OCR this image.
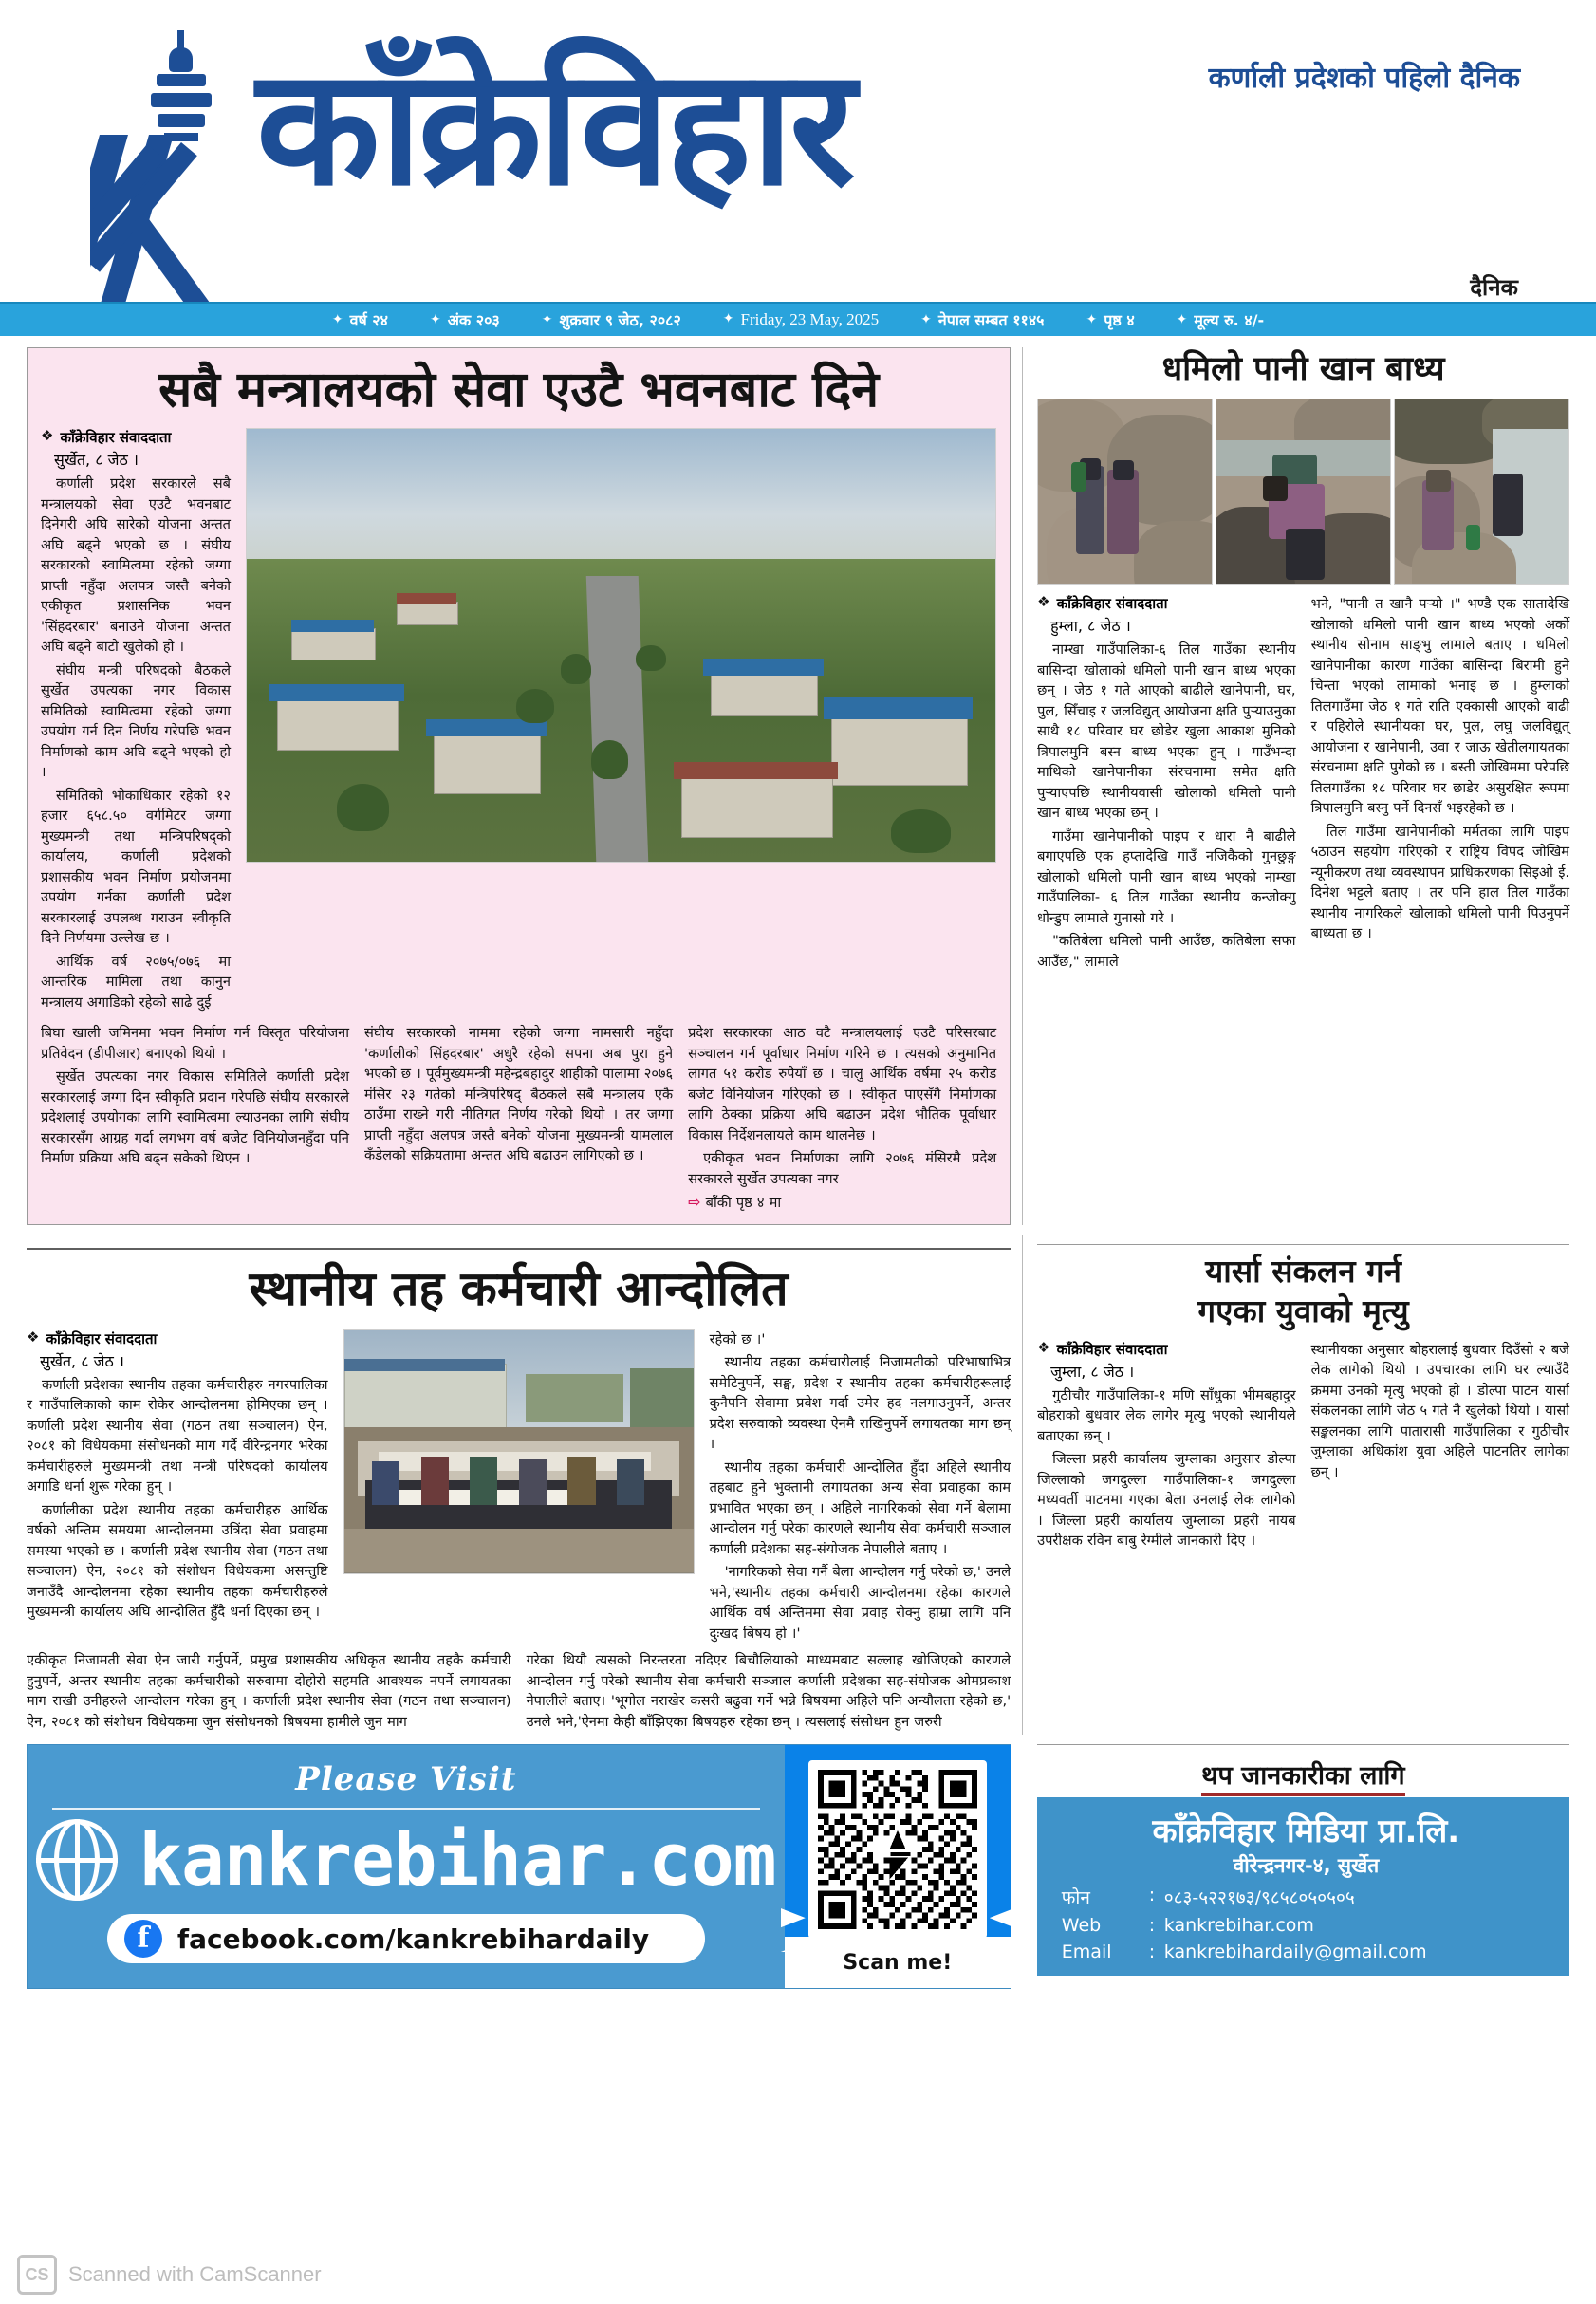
काँक्रेविहार	कर्णाली प्रदेशको पहिलो दैनिक
दैनिक
✦ वर्ष २४	✦ अंक २०३	✦ शुक्रवार ९ जेठ, २०८२	✦ Friday, 23 May, 2025	✦ नेपाल सम्बत ११४५	✦ पृष्ठ ४	✦ मूल्य रु. ४/-
सबै मन्त्रालयको सेवा एउटै भवनबाट दिने
❖ काँक्रेविहार संवाददाता
सुर्खेत, ८ जेठ ।

कर्णाली प्रदेश सरकारले सबै मन्त्रालयको सेवा एउटै भवनबाट दिनेगरी अघि सारेको योजना अन्तत अघि बढ्ने भएको छ । संघीय सरकारको स्वामित्वमा रहेको जग्गा प्राप्ती नहुँदा अलपत्र जस्तै बनेको एकीकृत प्रशासनिक भवन 'सिंहदरबार' बनाउने योजना अन्तत अघि बढ्ने बाटो खुलेको हो ।

संघीय मन्त्री परिषदको बैठकले सुर्खेत उपत्यका नगर विकास समितिको स्वामित्वमा रहेको जग्गा उपयोग गर्न दिन निर्णय गरेपछि भवन निर्माणको काम अघि बढ्ने भएको हो ।

समितिको भोकाधिकार रहेको १२ हजार ६५८.५० वर्गमिटर जग्गा मुख्यमन्त्री तथा मन्त्रिपरिषद्को कार्यालय, कर्णाली प्रदेशको प्रशासकीय भवन निर्माण प्रयोजनमा उपयोग गर्नका कर्णाली प्रदेश सरकारलाई उपलब्ध गराउन स्वीकृति दिने निर्णयमा उल्लेख छ ।

आर्थिक वर्ष २०७५/०७६ मा आन्तरिक मामिला तथा कानुन मन्त्रालय अगाडिको रहेको साढे दुई

बिघा खाली जमिनमा भवन निर्माण गर्न विस्तृत परियोजना प्रतिवेदन (डीपीआर) बनाएको थियो ।

सुर्खेत उपत्यका नगर विकास समितिले कर्णाली प्रदेश सरकारलाई जग्गा दिन स्वीकृति प्रदान गरेपछि संघीय सरकारले प्रदेशलाई उपयोगका लागि स्वामित्वमा ल्याउनका लागि संघीय सरकारसँग आग्रह गर्दा लगभग वर्ष बजेट विनियोजनहुँदा पनि निर्माण प्रक्रिया अघि बढ्न सकेको थिएन ।

संघीय सरकारको नाममा रहेको जग्गा नामसारी नहुँदा 'कर्णालीको सिंहदरबार' अधुरै रहेको सपना अब पुरा हुने भएको छ । पूर्वमुख्यमन्त्री महेन्द्रबहादुर शाहीको पालामा २०७६ मंसिर २३ गतेको मन्त्रिपरिषद् बैठकले सबै मन्त्रालय एकै ठाउँमा राख्ने गरी नीतिगत निर्णय गरेको थियो । तर जग्गा प्राप्ती नहुँदा अलपत्र जस्तै बनेको योजना मुख्यमन्त्री यामलाल कँडेलको सक्रियतामा अन्तत अघि बढाउन लागिएको छ ।

प्रदेश सरकारका आठ वटै मन्त्रालयलाई एउटै परिसरबाट सञ्चालन गर्न पूर्वाधार निर्माण गरिने छ । त्यसको अनुमानित लागत ५१ करोड रुपैयाँ छ । चालु आर्थिक वर्षमा २५ करोड बजेट विनियोजन गरिएको छ । स्वीकृत पाएसँगै निर्माणका लागि ठेक्का प्रक्रिया अघि बढाउन प्रदेश भौतिक पूर्वाधार विकास निर्देशनलायले काम थालनेछ ।

एकीकृत भवन निर्माणका लागि २०७६ मंसिरमै प्रदेश सरकारले सुर्खेत उपत्यका नगर

⇨ बाँकी पृष्ठ ४ मा

धमिलो पानी खान बाध्य
❖ काँक्रेविहार संवाददाता
हुम्ला, ८ जेठ ।

नाम्खा गाउँपालिका-६ तिल गाउँका स्थानीय बासिन्दा खोलाको धमिलो पानी खान बाध्य भएका छन् । जेठ १ गते आएको बाढीले खानेपानी, घर, पुल, सिँचाइ र जलविद्युत् आयोजना क्षति पुऱ्याउनुका साथै १८ परिवार घर छोडेर खुला आकाश मुनिको त्रिपालमुनि बस्न बाध्य भएका हुन् । गाउँभन्दा माथिको खानेपानीका संरचनामा समेत क्षति पुऱ्याएपछि स्थानीयवासी खोलाको धमिलो पानी खान बाध्य भएका छन् ।

गाउँमा खानेपानीको पाइप र धारा नै बाढीले बगाएपछि एक हप्तादेखि गाउँ नजिकैको गुनछुङ्ग खोलाको धमिलो पानी खान बाध्य भएको नाम्खा गाउँपालिका- ६ तिल गाउँका स्थानीय कन्जोक्गु धोन्डुप लामाले गुनासो गरे ।

"कतिबेला धमिलो पानी आउँछ, कतिबेला सफा आउँछ," लामाले

भने, "पानी त खानै पऱ्यो ।" भण्डै एक सातादेखि खोलाको धमिलो पानी खान बाध्य भएको अर्को स्थानीय सोनाम साङ्भु लामाले बताए । धमिलो खानेपानीका कारण गाउँका बासिन्दा बिरामी हुने चिन्ता भएको लामाको भनाइ छ । हुम्लाको तिलगाउँमा जेठ १ गते राति एक्कासी आएको बाढी र पहिरोले स्थानीयका घर, पुल, लघु जलविद्युत् आयोजना र खानेपानी, उवा र जाऊ खेतीलगायतका संरचनामा क्षति पुगेको छ । बस्ती जोखिममा परेपछि तिलगाउँका १८ परिवार घर छाडेर असुरक्षित रूपमा त्रिपालमुनि बस्नु पर्ने दिनसँ भइरहेको छ ।

तिल गाउँमा खानेपानीको मर्मतका लागि पाइप ५ठाउन सहयोग गरिएको र राष्ट्रिय विपद जोखिम न्यूनीकरण तथा व्यवस्थापन प्राधिकरणका सिइओ ई. दिनेश भट्टले बताए । तर पनि हाल तिल गाउँका स्थानीय नागरिकले खोलाको धमिलो पानी पिउनुपर्ने बाध्यता छ ।

स्थानीय तह कर्मचारी आन्दोलित
❖ काँक्रेविहार संवाददाता
सुर्खेत, ८ जेठ ।

कर्णाली प्रदेशका स्थानीय तहका कर्मचारीहरु नगरपालिका र गाउँपालिकाको काम रोकेर आन्दोलनमा होमिएका छन् । कर्णाली प्रदेश स्थानीय सेवा (गठन तथा सञ्चालन) ऐन, २०८१ को विधेयकमा संसोधनको माग गर्दै वीरेन्द्रनगर भरेका कर्मचारीहरुले मुख्यमन्त्री तथा मन्त्री परिषदको कार्यालय अगाडि धर्ना शुरू गरेका हुन् ।

कर्णालीका प्रदेश स्थानीय तहका कर्मचारीहरु आर्थिक वर्षको अन्तिम समयमा आन्दोलनमा उत्रिंदा सेवा प्रवाहमा समस्या भएको छ । कर्णाली प्रदेश स्थानीय सेवा (गठन तथा सञ्चालन) ऐन, २०८१ को संशोधन विधेयकमा असन्तुष्टि जनाउँदै आन्दोलनमा रहेका स्थानीय तहका कर्मचारीहरुले मुख्यमन्त्री कार्यालय अघि आन्दोलित हुँदै धर्ना दिएका छन् ।

रहेको छ ।'

स्थानीय तहका कर्मचारीलाई निजामतीको परिभाषाभित्र समेटिनुपर्ने, सङ्घ, प्रदेश र स्थानीय तहका कर्मचारीहरूलाई कुनैपनि सेवामा प्रवेश गर्दा उमेर हद नलगाउनुपर्ने, अन्तर प्रदेश सरुवाको व्यवस्था ऐनमै राखिनुपर्ने लगायतका माग छन् ।

स्थानीय तहका कर्मचारी आन्दोलित हुँदा अहिले स्थानीय तहबाट हुने भुक्तानी लगायतका अन्य सेवा प्रवाहका काम प्रभावित भएका छन् । अहिले नागरिकको सेवा गर्ने बेलामा आन्दोलन गर्नु परेका कारणले स्थानीय सेवा कर्मचारी सञ्जाल कर्णाली प्रदेशका सह-संयोजक नेपालीले बताए ।

'नागरिकको सेवा गर्नै बेला आन्दोलन गर्नु परेको छ,' उनले भने,'स्थानीय तहका कर्मचारी आन्दोलनमा रहेका कारणले आर्थिक वर्ष अन्तिममा सेवा प्रवाह रोक्नु हाम्रा लागि पनि दुःखद बिषय हो ।'

एकीकृत निजामती सेवा ऐन जारी गर्नुपर्ने, प्रमुख प्रशासकीय अधिकृत स्थानीय तहकै कर्मचारी हुनुपर्ने, अन्तर स्थानीय तहका कर्मचारीको सरुवामा दोहोरो सहमति आवश्यक नपर्ने लगायतका माग राखी उनीहरुले आन्दोलन गरेका हुन् । कर्णाली प्रदेश स्थानीय सेवा (गठन तथा सञ्चालन) ऐन, २०८१ को संशोधन विधेयकमा जुन संसोधनको बिषयमा हामीले जुन माग

गरेका थियौ त्यसको निरन्तरता नदिएर बिचौलियाको माध्यमबाट सल्लाह खोजिएको कारणले आन्दोलन गर्नु परेको स्थानीय सेवा कर्मचारी सञ्जाल कर्णाली प्रदेशका सह-संयोजक ओमप्रकाश नेपालीले बताए। 'भूगोल नराखेर कसरी बढुवा गर्ने भन्ने बिषयमा अहिले पनि अन्यौलता रहेको छ,' उनले भने,'ऐनमा केही बाँझिएका बिषयहरु रहेका छन् । त्यसलाई संसोधन हुन जरुरी

यार्सा संकलन गर्न
गएका युवाको मृत्यु
❖ काँक्रेविहार संवाददाता
जुम्ला, ८ जेठ ।

गुठीचौर गाउँपालिका-१ मणि साँधुका भीमबहादुर बोहराको बुधवार लेक लागेर मृत्यु भएको स्थानीयले बताएका छन् ।

जिल्ला प्रहरी कार्यालय जुम्लाका अनुसार डोल्पा जिल्लाको जगदुल्ला गाउँपालिका-१ जगदुल्ला मध्यवर्ती पाटनमा गएका बेला उनलाई लेक लागेको । जिल्ला प्रहरी कार्यालय जुम्लाका प्रहरी नायब उपरीक्षक रविन बाबु रेग्मीले जानकारी दिए ।

स्थानीयका अनुसार बोहरालाई बुधवार दिउँसो २ बजे लेक लागेको थियो । उपचारका लागि घर ल्याउँदै क्रममा उनको मृत्यु भएको हो । डोल्पा पाटन यार्सा संकलनका लागि जेठ ५ गते नै खुलेको थियो । यार्सा सङ्कलनका लागि पातारासी गाउँपालिका र गुठीचौर जुम्लाका अधिकांश युवा अहिले पाटनतिर लागेका छन् ।

Please Visit
kankrebihar.com
f	facebook.com/kankrebihardaily
Scan me!
थप जानकारीका लागि
काँक्रेविहार मिडिया प्रा.लि.
वीरेन्द्रनगर-४, सुर्खेत
फोन	: ०८३-५२२१७३/९८५८०५०५०५
Web	: kankrebihar.com
Email	: kankrebihardaily@gmail.com
CS Scanned with CamScanner
